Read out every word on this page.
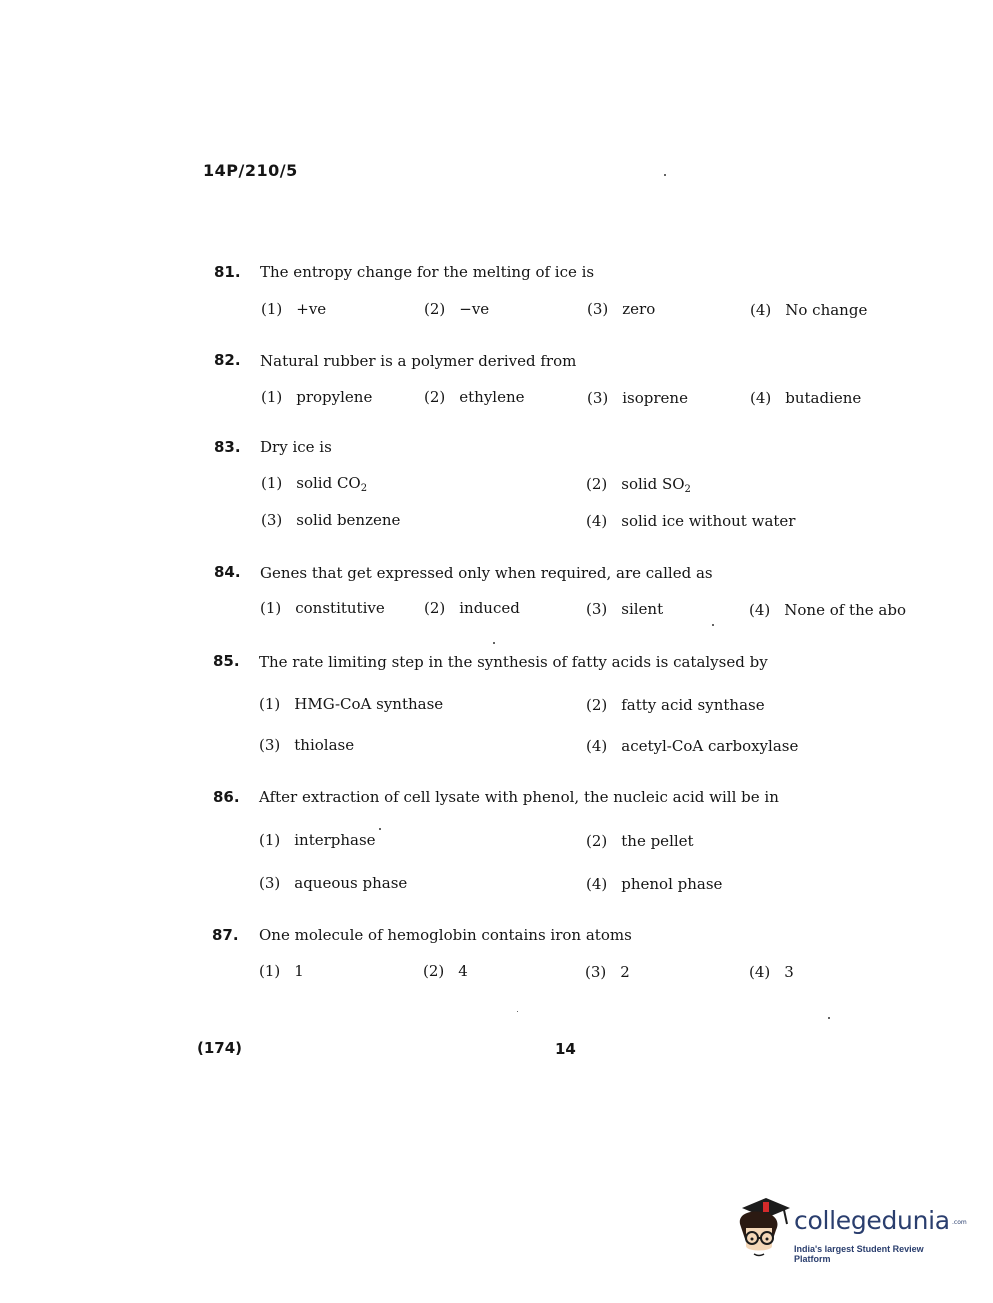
14P/210/5
81. The entropy change for the melting of ice is
(1) +ve	(2) −ve	(3) zero	(4) No change
82. Natural rubber is a polymer derived from
(1) propylene	(2) ethylene	(3) isoprene	(4) butadiene
83. Dry ice is
(1) solid $CO_2$	(2) solid $SO_2$
(3) solid benzene	(4) solid ice without water
84. Genes that get expressed only when required, are called as
(1) constitutive	(2) induced	(3) silent	(4) None of the abo
85. The rate limiting step in the synthesis of fatty acids is catalysed by
(1) HMG-CoA synthase	(2) fatty acid synthase
(3) thiolase	(4) acetyl-CoA carboxylase
86. After extraction of cell lysate with phenol, the nucleic acid will be in
(1) interphase	(2) the pellet
(3) aqueous phase	(4) phenol phase
87. One molecule of hemoglobin contains iron atoms
(1) 1	(2) 4	(3) 2	(4) 3
(174)	14
collegedunia .com
India's largest Student Review Platform
